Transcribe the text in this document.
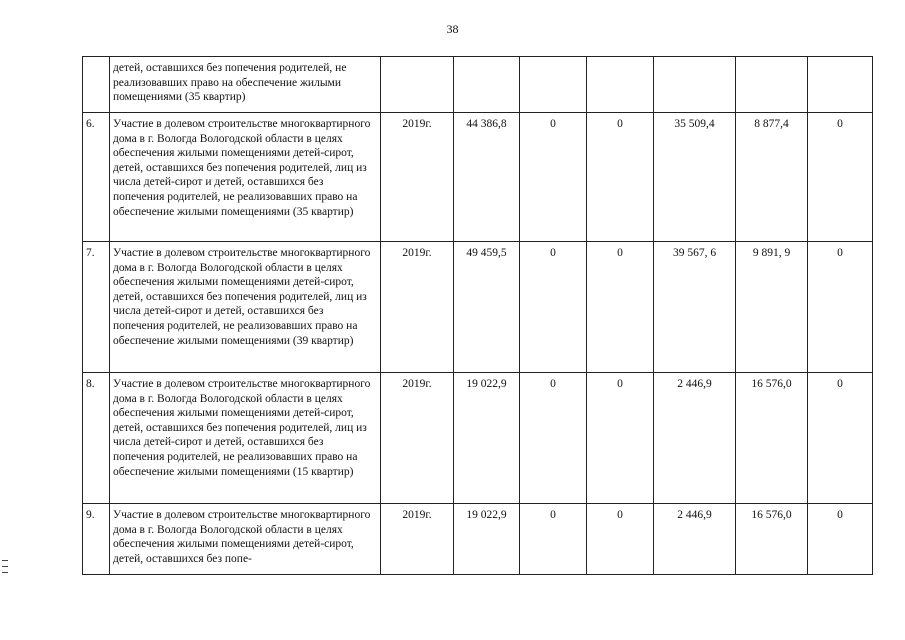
38
	детей, оставшихся без попечения родителей, не реализовавших право на обеспечение жилыми помещениями (35 квартир)							
6.	Участие в долевом строительстве многоквартирного дома в г. Вологда Вологодской области в целях обеспечения жилыми помещениями детей-сирот, детей, оставшихся без попечения родителей, лиц из числа детей-сирот и детей, оставшихся без попечения родителей, не реализовавших право на обеспечение жилыми помещениями (35 квартир)	2019г.	44 386,8	0	0	35 509,4	8 877,4	0
7.	Участие в долевом строительстве многоквартирного дома в г. Вологда Вологодской области в целях обеспечения жилыми помещениями детей-сирот, детей, оставшихся без попечения родителей, лиц из числа детей-сирот и детей, оставшихся без попечения родителей, не реализовавших право на обеспечение жилыми помещениями (39 квартир)	2019г.	49 459,5	0	0	39 567, 6	9 891, 9	0
8.	Участие в долевом строительстве многоквартирного дома в г. Вологда Вологодской области в целях обеспечения жилыми помещениями детей-сирот, детей, оставшихся без попечения родителей, лиц из числа детей-сирот и детей, оставшихся без попечения родителей, не реализовавших право на обеспечение жилыми помещениями (15 квартир)	2019г.	19 022,9	0	0	2 446,9	16 576,0	0
9.	Участие в долевом строительстве многоквартирного дома в г. Вологда Вологодской области в целях обеспечения жилыми помещениями детей-сирот, детей, оставшихся без попе-	2019г.	19 022,9	0	0	2 446,9	16 576,0	0
